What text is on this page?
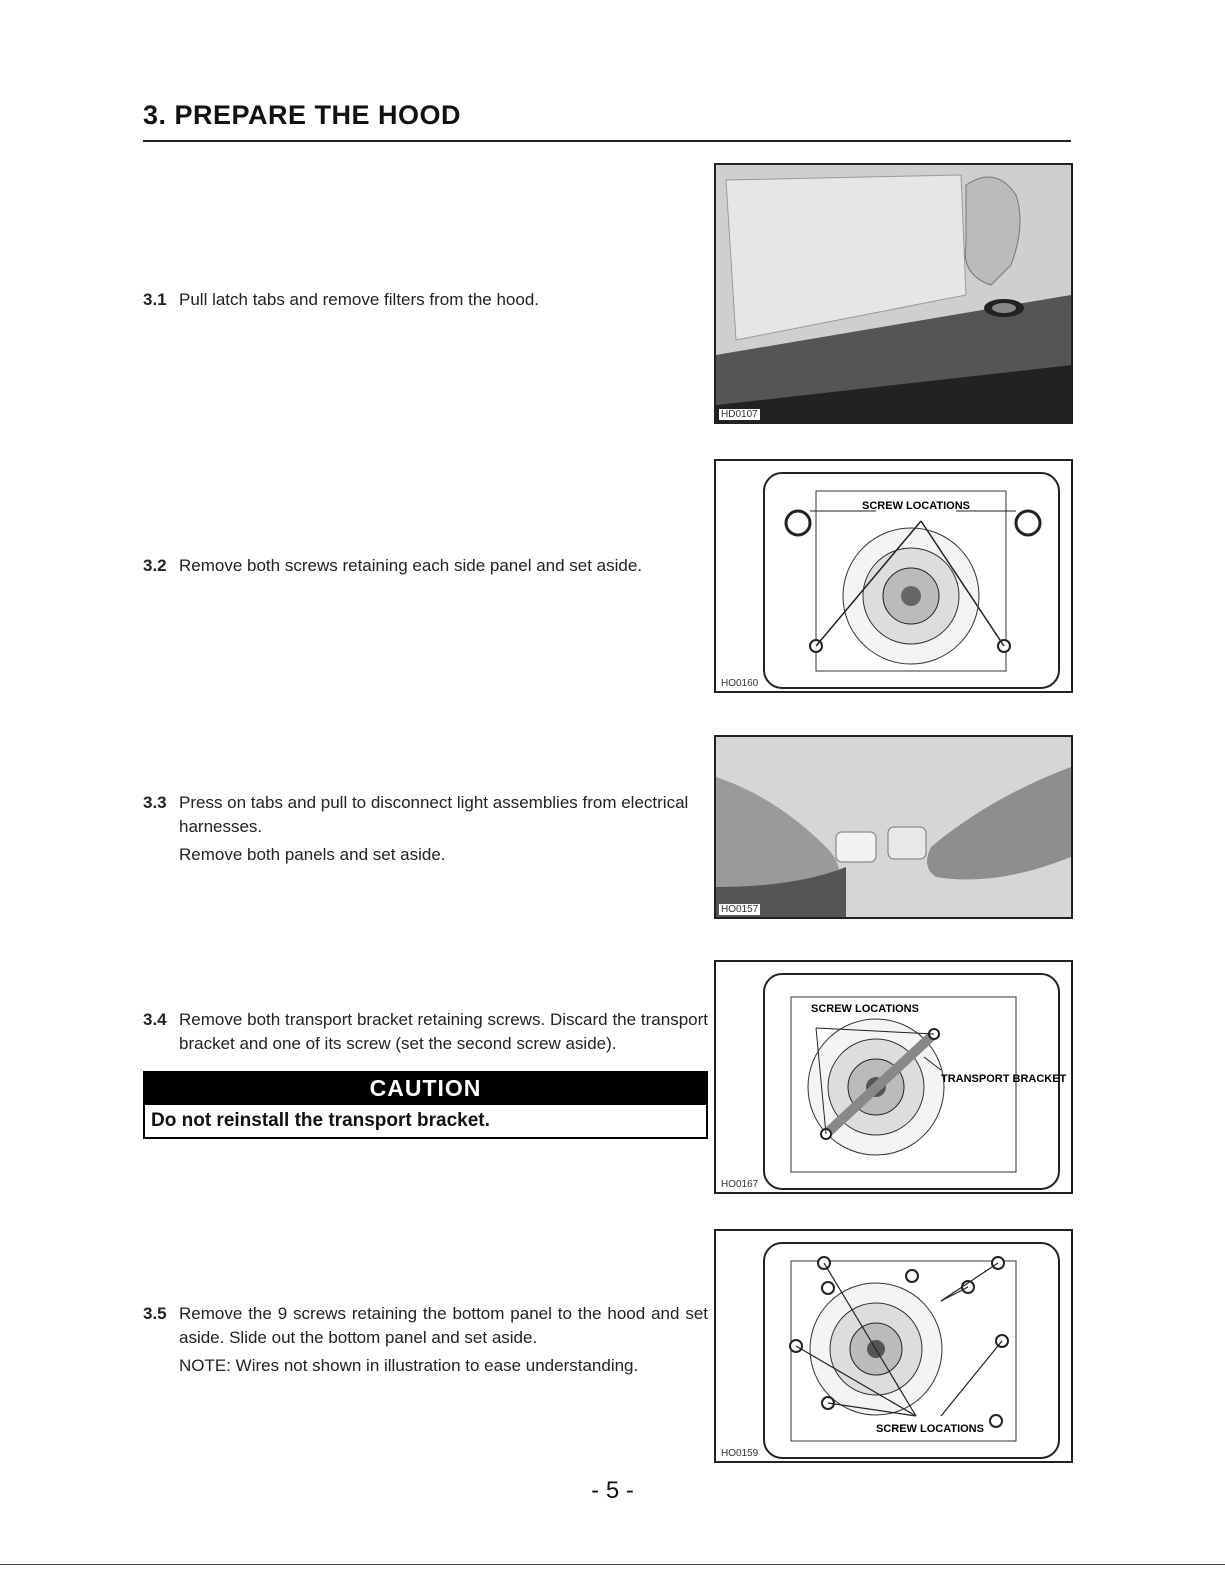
3. PREPARE THE HOOD
3.1 Pull latch tabs and remove filters from the hood.

HD0107
3.2 Remove both screws retaining each side panel and set aside.

SCREW LOCATIONS
HO0160
3.3 Press on tabs and pull to disconnect light assemblies from electrical harnesses.

Remove both panels and set aside.

HO0157
3.4 Remove both transport bracket retaining screws. Discard the transport bracket and one of its screw (set the second screw aside).

CAUTION
Do not reinstall the transport bracket.
SCREW LOCATIONS
TRANSPORT BRACKET
HO0167
3.5 Remove the 9 screws retaining the bottom panel to the hood and set aside. Slide out the bottom panel and set aside.

NOTE: Wires not shown in illustration to ease understanding.

SCREW LOCATIONS
HO0159
- 5 -
